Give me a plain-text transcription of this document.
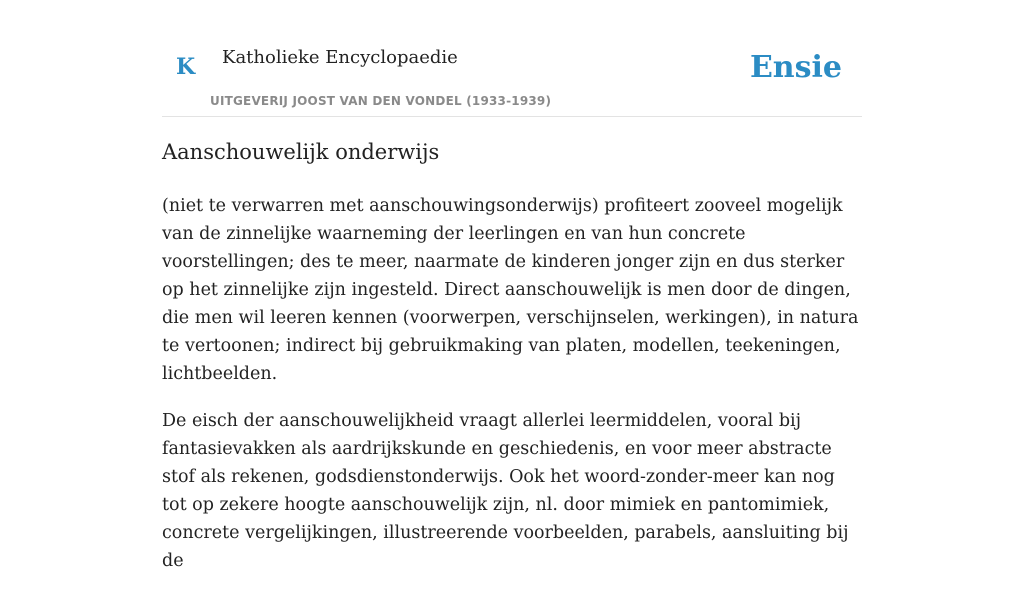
K Katholieke Encyclopaedie
UITGEVERIJ JOOST VAN DEN VONDEL (1933-1939)
Ensie
Aanschouwelijk onderwijs

(niet te verwarren met aanschouwingsonderwijs) profiteert zooveel mogelijk van de zinnelijke waarneming der leerlingen en van hun concrete voorstellingen; des te meer, naarmate de kinderen jonger zijn en dus sterker op het zinnelijke zijn ingesteld. Direct aanschouwelijk is men door de dingen, die men wil leeren kennen (voorwerpen, verschijnselen, werkingen), in natura te vertoonen; indirect bij gebruikmaking van platen, modellen, teekeningen, lichtbeelden.

De eisch der aanschouwelijkheid vraagt allerlei leermiddelen, vooral bij fantasievakken als aardrijkskunde en geschiedenis, en voor meer abstracte stof als rekenen, godsdienstonderwijs. Ook het woord-zonder-meer kan nog tot op zekere hoogte aanschouwelijk zijn, nl. door mimiek en pantomimiek, concrete vergelijkingen, illustreerende voorbeelden, parabels, aansluiting bij de
